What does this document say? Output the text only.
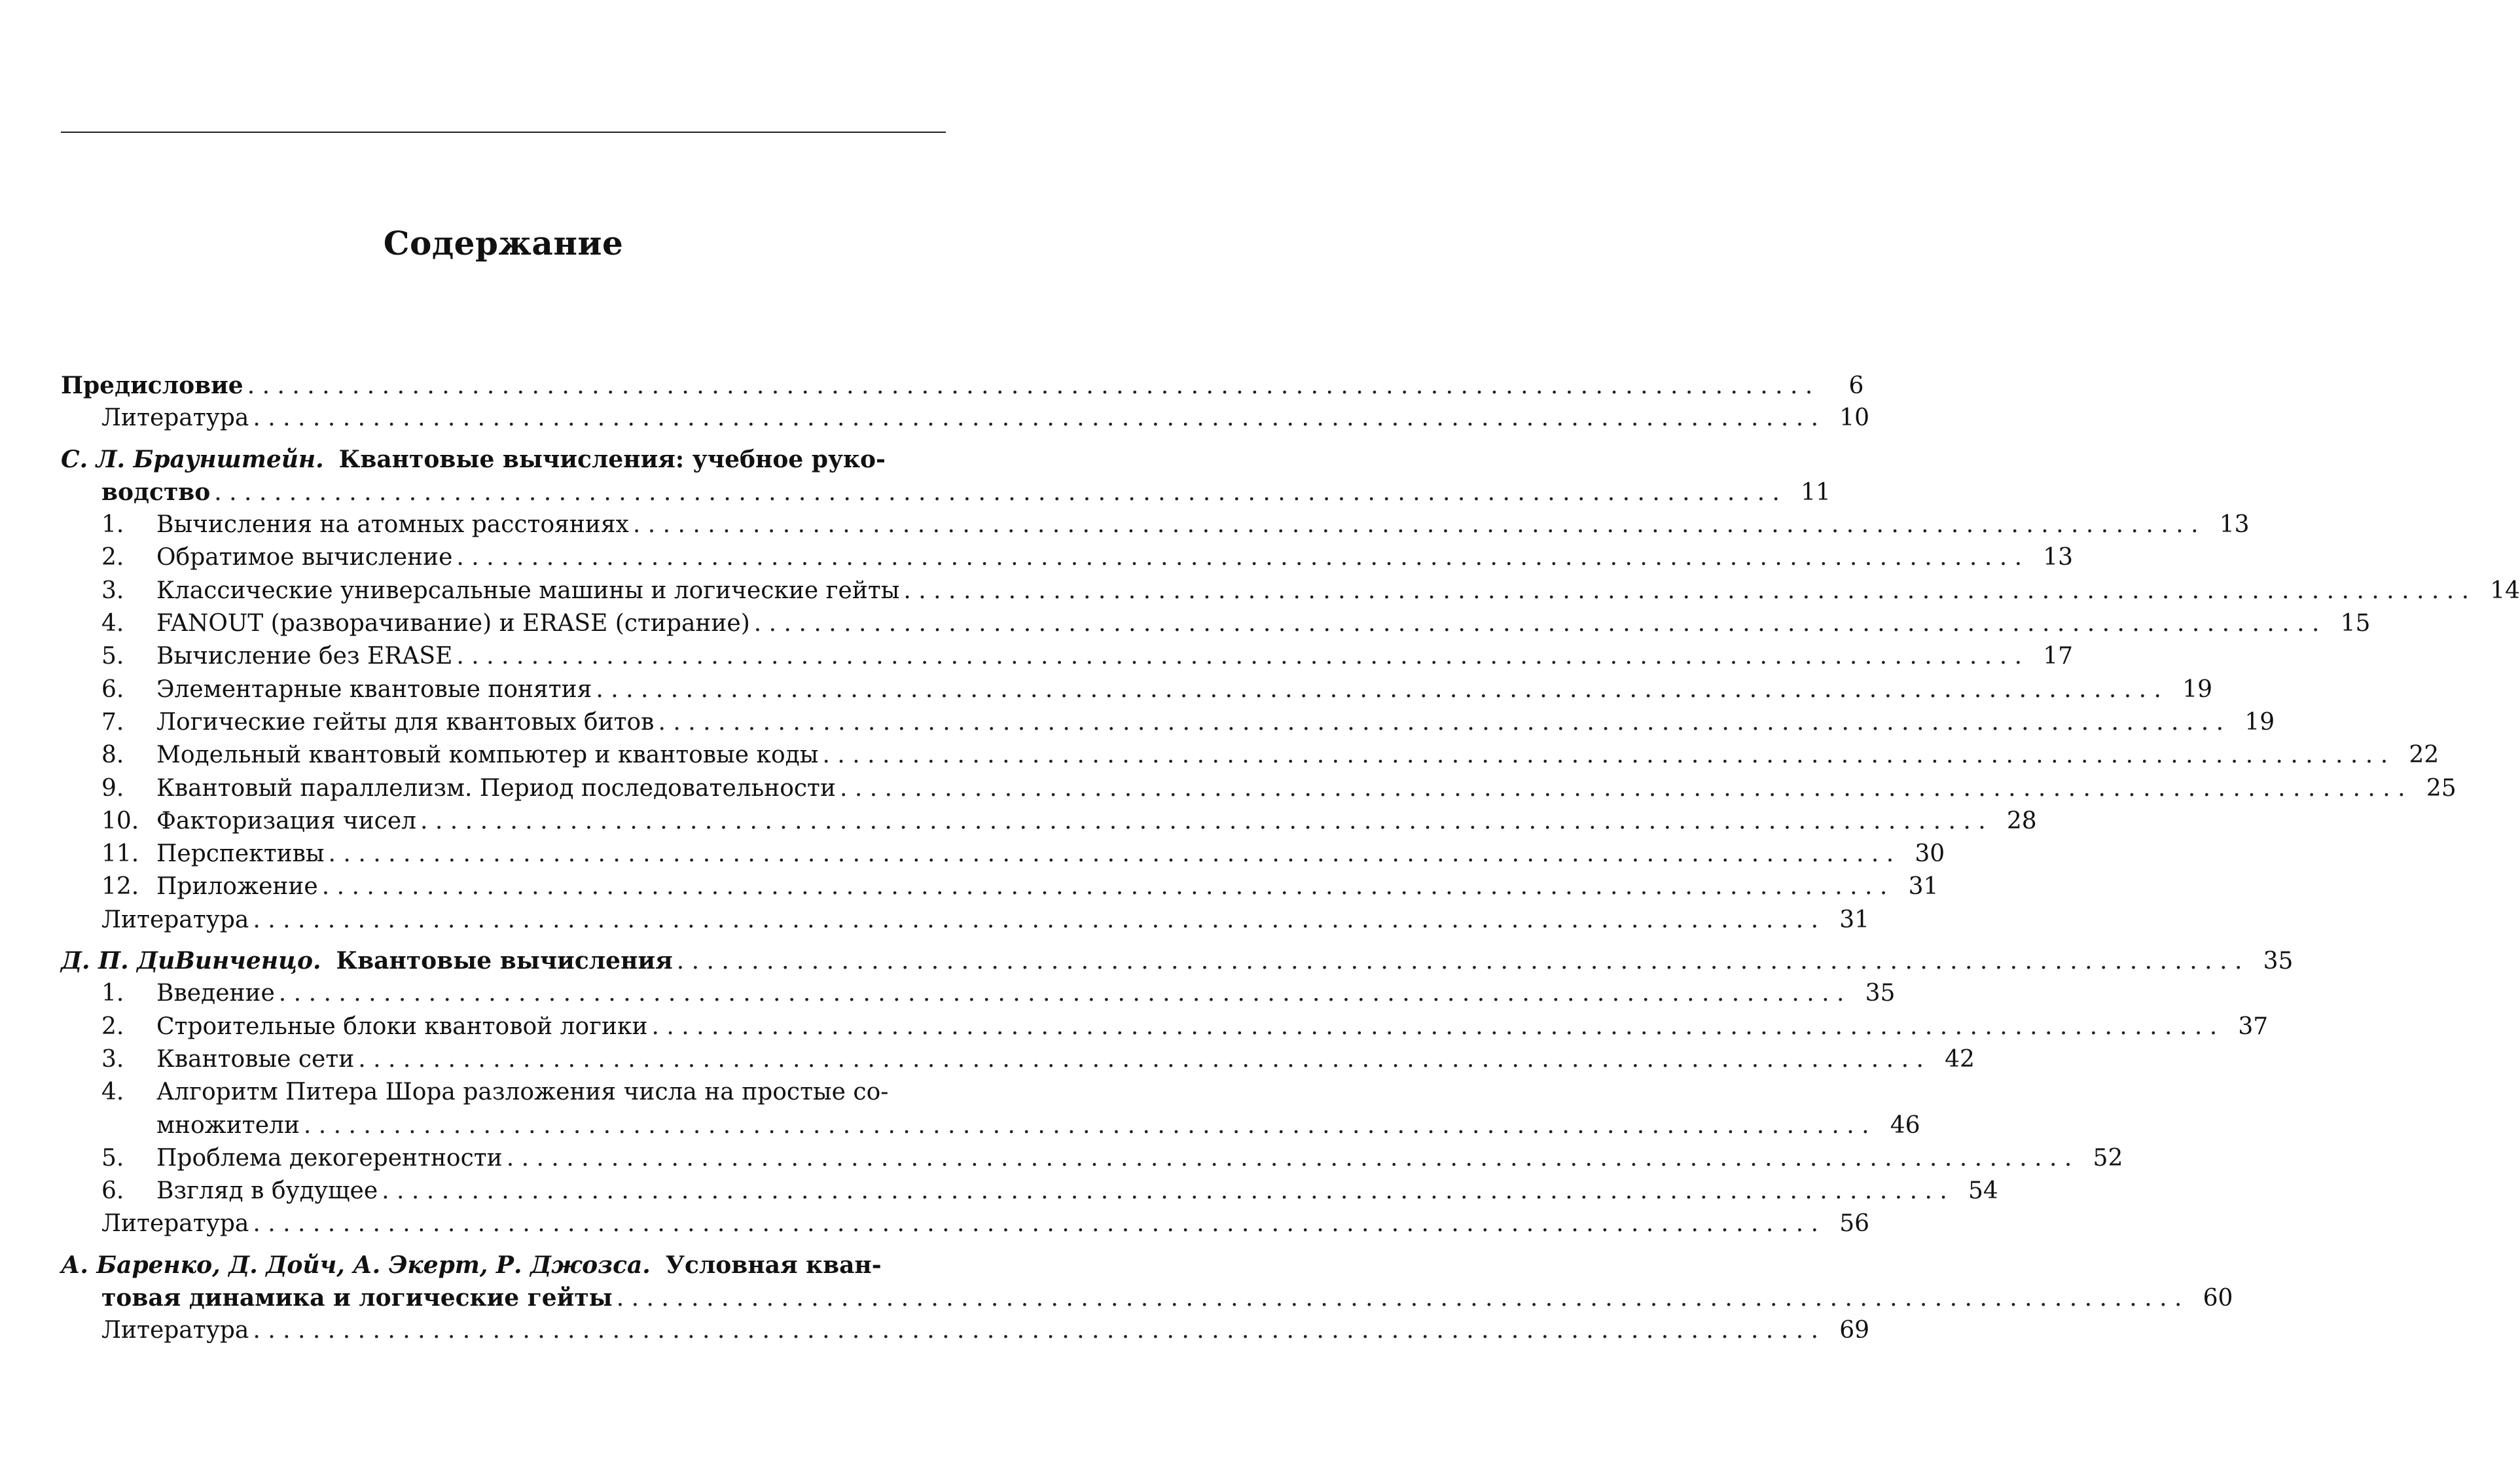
Содержание
Предисловие . . .	6
Литература . . .	10
С. Л. Браунштейн. Квантовые вычисления: учебное руко-
водство . . .	11
1.	Вычисления на атомных расстояниях . . .	13
2.	Обратимое вычисление . . .	13
3.	Классические универсальные машины и логические гейты . . .	14
4.	FANOUT (разворачивание) и ERASE (стирание) . . .	15
5.	Вычисление без ERASE . . .	17
6.	Элементарные квантовые понятия . . .	19
7.	Логические гейты для квантовых битов . . .	19
8.	Модельный квантовый компьютер и квантовые коды . . .	22
9.	Квантовый параллелизм. Период последовательности . . .	25
10. Факторизация чисел . . .	28
11. Перспективы . . .	30
12. Приложение . . .	31
Литература . . .	31
Д. П. ДиВинченцо. Квантовые вычисления . . .	35
1.	Введение . . .	35
2.	Строительные блоки квантовой логики . . .	37
3.	Квантовые сети . . .	42
4.	Алгоритм Питера Шора разложения числа на простые со-
множители . . .	46
5.	Проблема декогерентности . . .	52
6.	Взгляд в будущее . . .	54
Литература . . .	56
А. Баренко, Д. Дойч, А. Экерт, Р. Джозса. Условная кван-
товая динамика и логические гейты . . .	60
Литература . . .	69
